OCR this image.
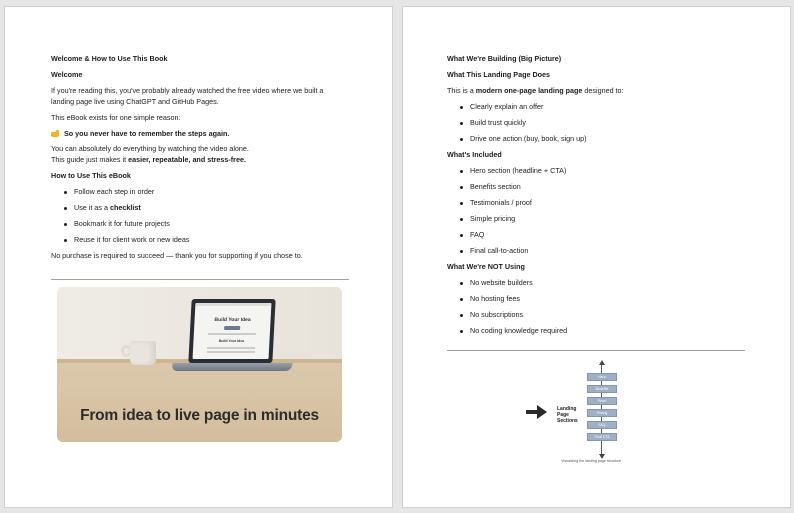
Welcome & How to Use This Book
Welcome
If you're reading this, you've probably already watched the free video where we built a
landing page live using ChatGPT and GitHub Pages.
This eBook exists for one simple reason:
So you never have to remember the steps again.
You can absolutely do everything by watching the video alone.
This guide just makes it easier, repeatable, and stress-free.
How to Use This eBook
Follow each step in order
Use it as a checklist
Bookmark it for future projects
Reuse it for client work or new ideas
No purchase is required to succeed — thank you for supporting if you chose to.
Build Your Idea
Build Your Idea
From idea to live page in minutes
What We're Building (Big Picture)
What This Landing Page Does
This is a modern one-page landing page designed to:
Clearly explain an offer
Build trust quickly
Drive one action (buy, book, sign up)
What's Included
Hero section (headline + CTA)
Benefits section
Testimonials / proof
Simple pricing
FAQ
Final call-to-action
What We're NOT Using
No website builders
No hosting fees
No subscriptions
No coding knowledge required
Hero
Benefits
Proof
Pricing
FAQ
Final CTA
Landing Page Sections
Visualizing the landing page structure
